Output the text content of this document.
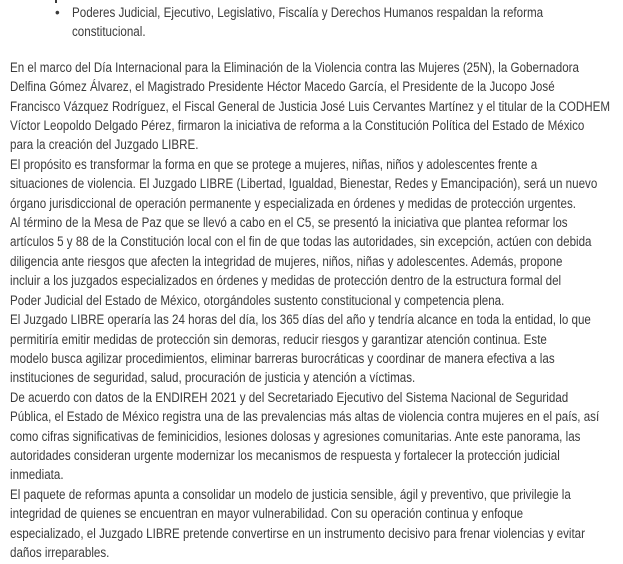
• Poderes Judicial, Ejecutivo, Legislativo, Fiscalía y Derechos Humanos respaldan la reforma
constitucional.
En el marco del Día Internacional para la Eliminación de la Violencia contra las Mujeres (25N), la Gobernadora
Delfina Gómez Álvarez, el Magistrado Presidente Héctor Macedo García, el Presidente de la Jucopo José
Francisco Vázquez Rodríguez, el Fiscal General de Justicia José Luis Cervantes Martínez y el titular de la CODHEM
Víctor Leopoldo Delgado Pérez, firmaron la iniciativa de reforma a la Constitución Política del Estado de México
para la creación del Juzgado LIBRE.
El propósito es transformar la forma en que se protege a mujeres, niñas, niños y adolescentes frente a
situaciones de violencia. El Juzgado LIBRE (Libertad, Igualdad, Bienestar, Redes y Emancipación), será un nuevo
órgano jurisdiccional de operación permanente y especializada en órdenes y medidas de protección urgentes.
Al término de la Mesa de Paz que se llevó a cabo en el C5, se presentó la iniciativa que plantea reformar los
artículos 5 y 88 de la Constitución local con el fin de que todas las autoridades, sin excepción, actúen con debida
diligencia ante riesgos que afecten la integridad de mujeres, niños, niñas y adolescentes. Además, propone
incluir a los juzgados especializados en órdenes y medidas de protección dentro de la estructura formal del
Poder Judicial del Estado de México, otorgándoles sustento constitucional y competencia plena.
El Juzgado LIBRE operaría las 24 horas del día, los 365 días del año y tendría alcance en toda la entidad, lo que
permitiría emitir medidas de protección sin demoras, reducir riesgos y garantizar atención continua. Este
modelo busca agilizar procedimientos, eliminar barreras burocráticas y coordinar de manera efectiva a las
instituciones de seguridad, salud, procuración de justicia y atención a víctimas.
De acuerdo con datos de la ENDIREH 2021 y del Secretariado Ejecutivo del Sistema Nacional de Seguridad
Pública, el Estado de México registra una de las prevalencias más altas de violencia contra mujeres en el país, así
como cifras significativas de feminicidios, lesiones dolosas y agresiones comunitarias. Ante este panorama, las
autoridades consideran urgente modernizar los mecanismos de respuesta y fortalecer la protección judicial
inmediata.
El paquete de reformas apunta a consolidar un modelo de justicia sensible, ágil y preventivo, que privilegie la
integridad de quienes se encuentran en mayor vulnerabilidad. Con su operación continua y enfoque
especializado, el Juzgado LIBRE pretende convertirse en un instrumento decisivo para frenar violencias y evitar
daños irreparables.
